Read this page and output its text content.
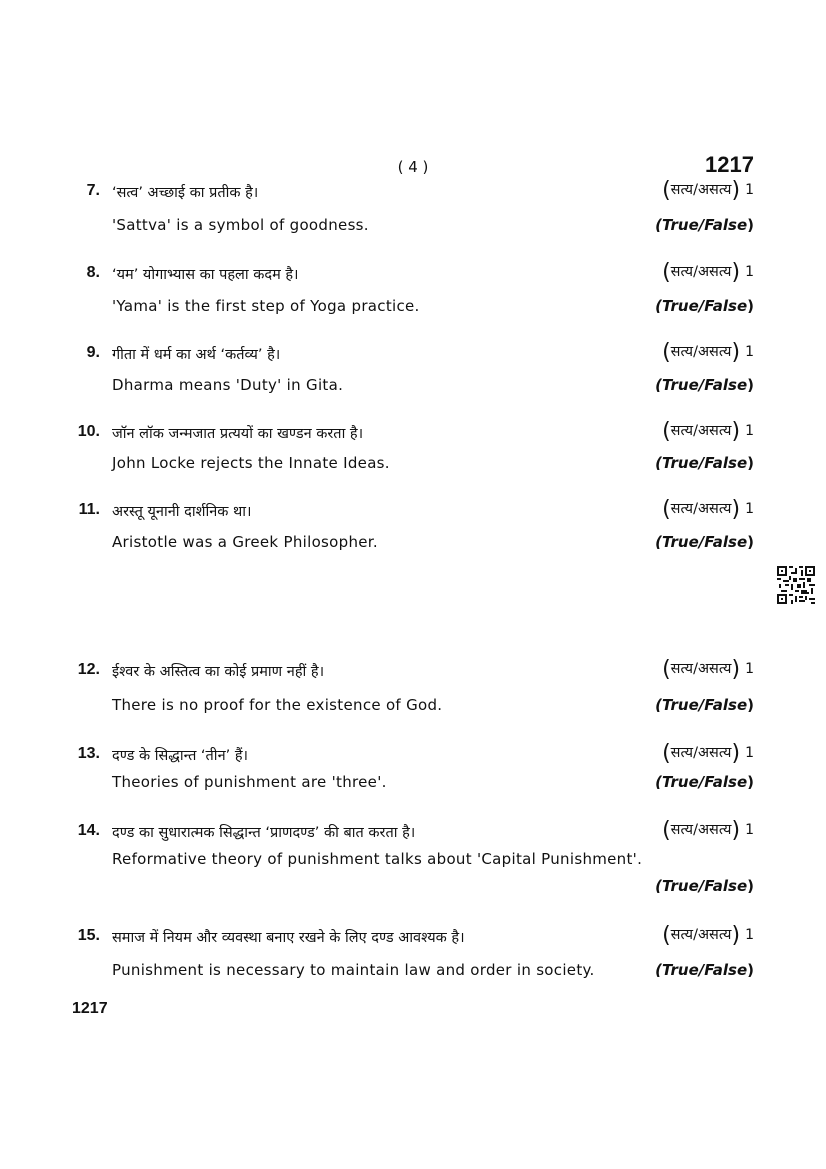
( 4 )	1217
7. ‘सत्व’ अच्छाई का प्रतीक है।	(सत्य/असत्य) 1
'Sattva' is a symbol of goodness.	(True/False)
8. ‘यम’ योगाभ्यास का पहला कदम है।	(सत्य/असत्य) 1
'Yama' is the first step of Yoga practice.	(True/False)
9. गीता में धर्म का अर्थ ‘कर्तव्य’ है।	(सत्य/असत्य) 1
Dharma means 'Duty' in Gita.	(True/False)
10. जॉन लॉक जन्मजात प्रत्ययों का खण्डन करता है।	(सत्य/असत्य) 1
John Locke rejects the Innate Ideas.	(True/False)
11. अरस्तू यूनानी दार्शनिक था।	(सत्य/असत्य) 1
Aristotle was a Greek Philosopher.	(True/False)
12. ईश्वर के अस्तित्व का कोई प्रमाण नहीं है।	(सत्य/असत्य) 1
There is no proof for the existence of God.	(True/False)
13. दण्ड के सिद्धान्त ‘तीन’ हैं।	(सत्य/असत्य) 1
Theories of punishment are 'three'.	(True/False)
14. दण्ड का सुधारात्मक सिद्धान्त ‘प्राणदण्ड’ की बात करता है।	(सत्य/असत्य) 1
Reformative theory of punishment talks about 'Capital Punishment'.
(True/False)
15. समाज में नियम और व्यवस्था बनाए रखने के लिए दण्ड आवश्यक है।	(सत्य/असत्य) 1
Punishment is necessary to maintain law and order in society.	(True/False)
1217
